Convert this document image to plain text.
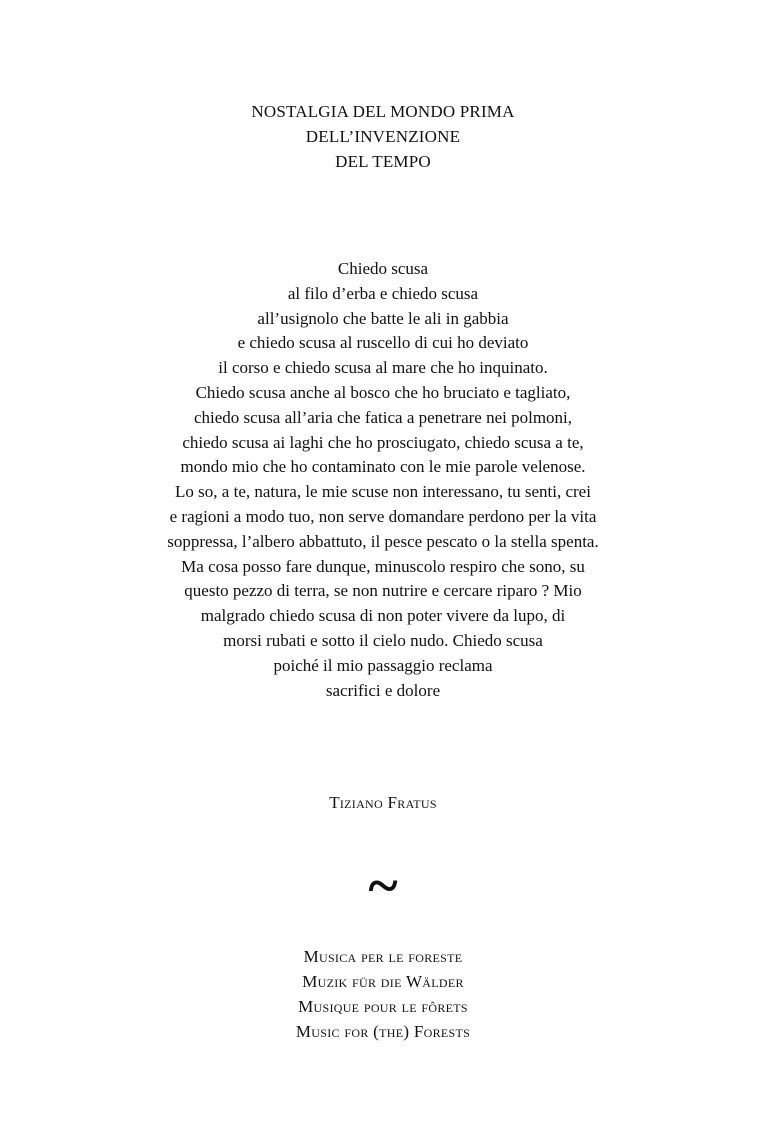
NOSTALGIA DEL MONDO PRIMA
DELL’INVENZIONE
DEL TEMPO
Chiedo scusa
al filo d’erba e chiedo scusa
all’usignolo che batte le ali in gabbia
e chiedo scusa al ruscello di cui ho deviato
il corso e chiedo scusa al mare che ho inquinato.
Chiedo scusa anche al bosco che ho bruciato e tagliato,
chiedo scusa all’aria che fatica a penetrare nei polmoni,
chiedo scusa ai laghi che ho prosciugato, chiedo scusa a te,
mondo mio che ho contaminato con le mie parole velenose.
Lo so, a te, natura, le mie scuse non interessano, tu senti, crei
e ragioni a modo tuo, non serve domandare perdono per la vita
soppressa, l’albero abbattuto, il pesce pescato o la stella spenta.
Ma cosa posso fare dunque, minuscolo respiro che sono, su
questo pezzo di terra, se non nutrire e cercare riparo ? Mio
malgrado chiedo scusa di non poter vivere da lupo, di
morsi rubati e sotto il cielo nudo. Chiedo scusa
poiché il mio passaggio reclama
sacrifici e dolore
Tiziano Fratus
~
Musica per le foreste
Muzik für die Wälder
Musique pour le fôrets
Music for (the) Forests
